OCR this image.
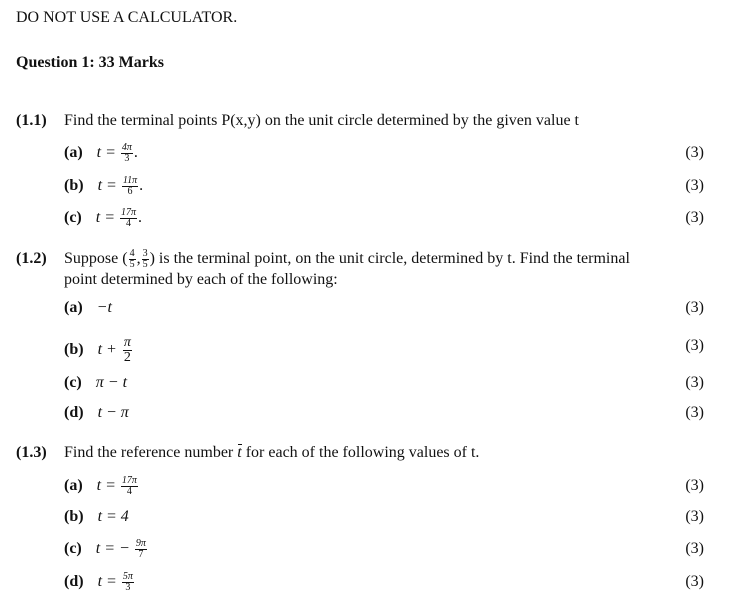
DO NOT USE A CALCULATOR.
Question 1: 33 Marks
(1.1) Find the terminal points P(x,y) on the unit circle determined by the given value t
(a) $t = \frac{4\pi}{3}$ .	(3)
(b) $t = \frac{11\pi}{6}$ .	(3)
(c) $t = \frac{17\pi}{4}$ .	(3)
(1.2) Suppose ( $\frac{4}{5}$ , $\frac{3}{5}$ ) is the terminal point, on the unit circle, determined by t. Find the terminal point determined by each of the following:
(a) −t	(3)
(b) $t + \frac{\pi}{2}$	(3)
(c) π − t	(3)
(d) t − π	(3)
(1.3) Find the reference number t for each of the following values of t.
(a) $t = \frac{17\pi}{4}$	(3)
(b) t = 4	(3)
(c) t = − $\frac{9\pi}{7}$	(3)
(d) $t = \frac{5\pi}{3}$	(3)
